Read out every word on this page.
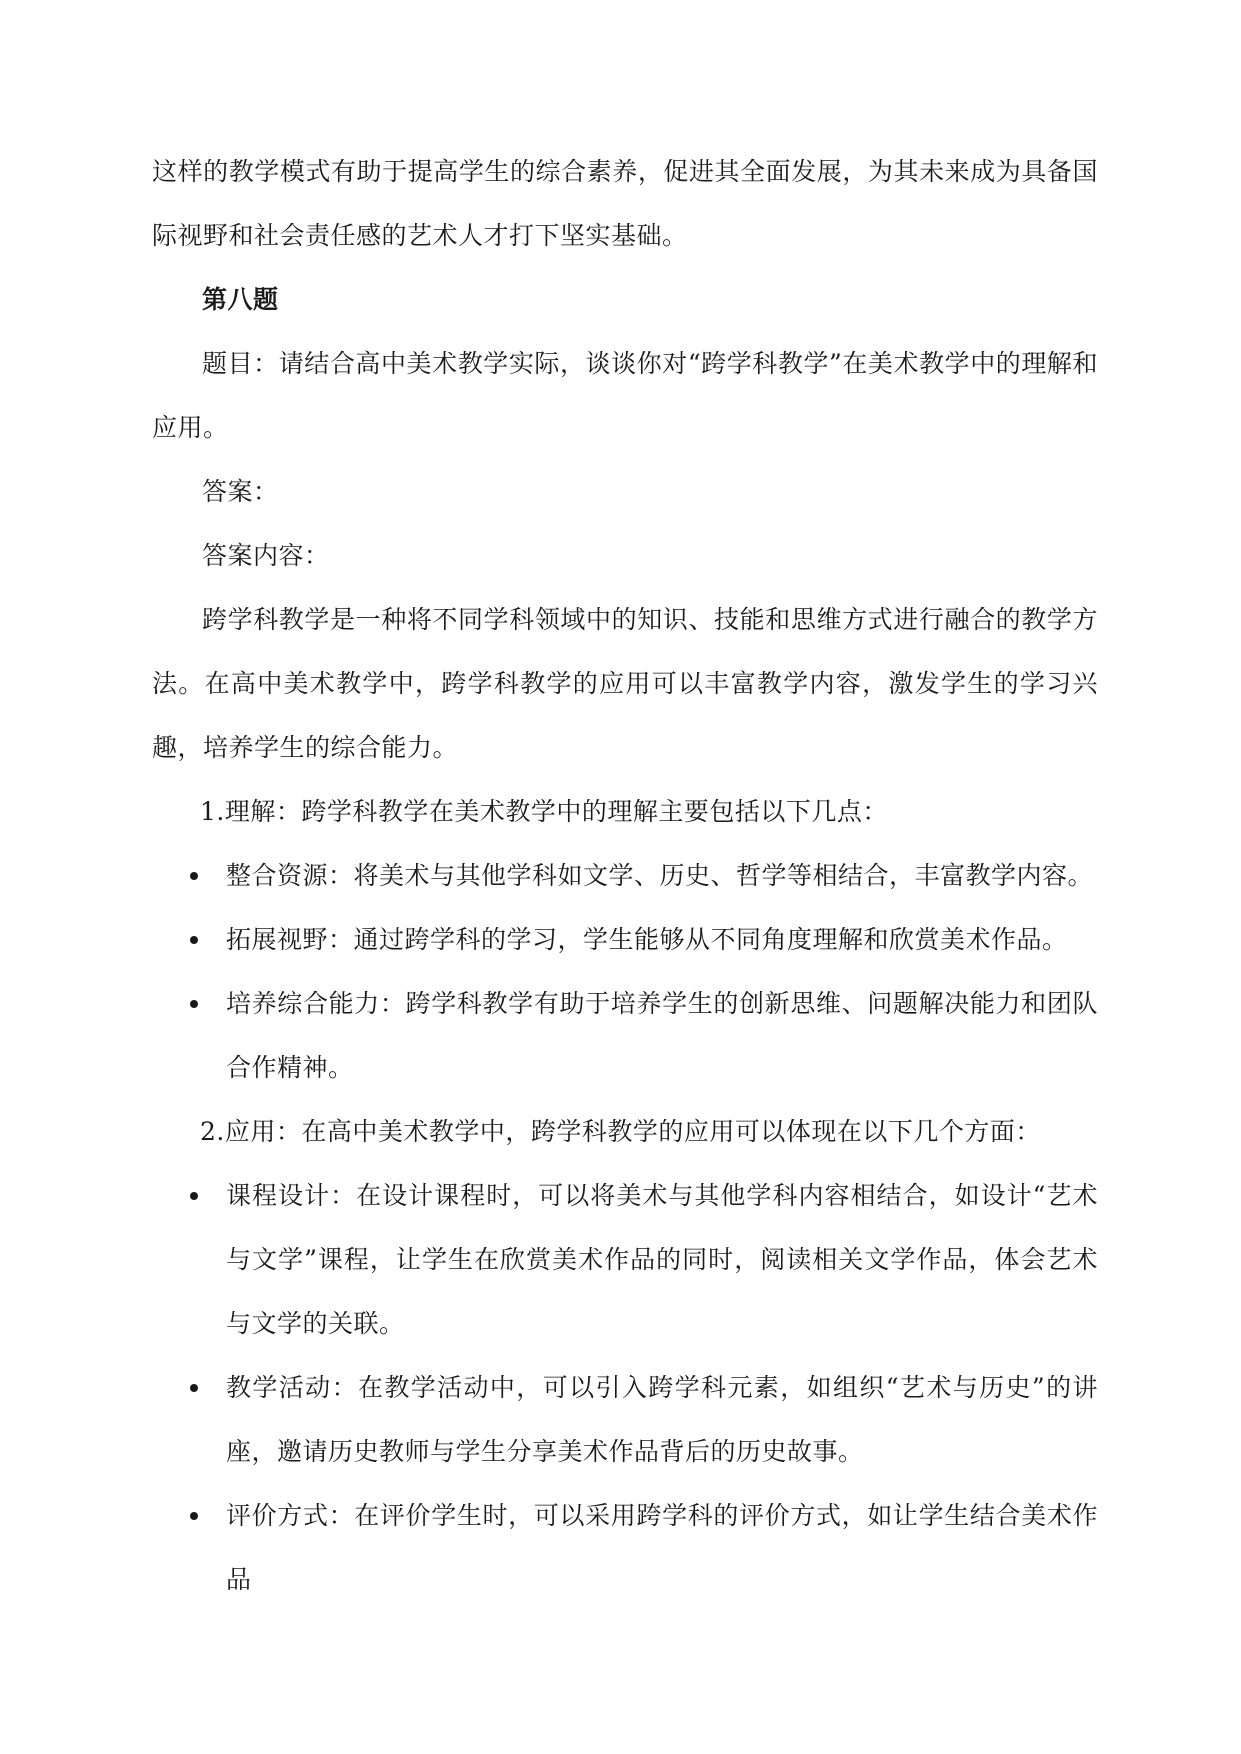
这样的教学模式有助于提高学生的综合素养，促进其全面发展，为其未来成为具备国际视野和社会责任感的艺术人才打下坚实基础。

第八题

题目：请结合高中美术教学实际，谈谈你对“跨学科教学”在美术教学中的理解和应用。

答案：

答案内容：

跨学科教学是一种将不同学科领域中的知识、技能和思维方式进行融合的教学方法。在高中美术教学中，跨学科教学的应用可以丰富教学内容，激发学生的学习兴趣，培养学生的综合能力。

1.理解：跨学科教学在美术教学中的理解主要包括以下几点：

整合资源：将美术与其他学科如文学、历史、哲学等相结合，丰富教学内容。
拓展视野：通过跨学科的学习，学生能够从不同角度理解和欣赏美术作品。
培养综合能力：跨学科教学有助于培养学生的创新思维、问题解决能力和团队合作精神。

2.应用：在高中美术教学中，跨学科教学的应用可以体现在以下几个方面：

课程设计：在设计课程时，可以将美术与其他学科内容相结合，如设计“艺术与文学”课程，让学生在欣赏美术作品的同时，阅读相关文学作品，体会艺术与文学的关联。
教学活动：在教学活动中，可以引入跨学科元素，如组织“艺术与历史”的讲座，邀请历史教师与学生分享美术作品背后的历史故事。
评价方式：在评价学生时，可以采用跨学科的评价方式，如让学生结合美术作品
